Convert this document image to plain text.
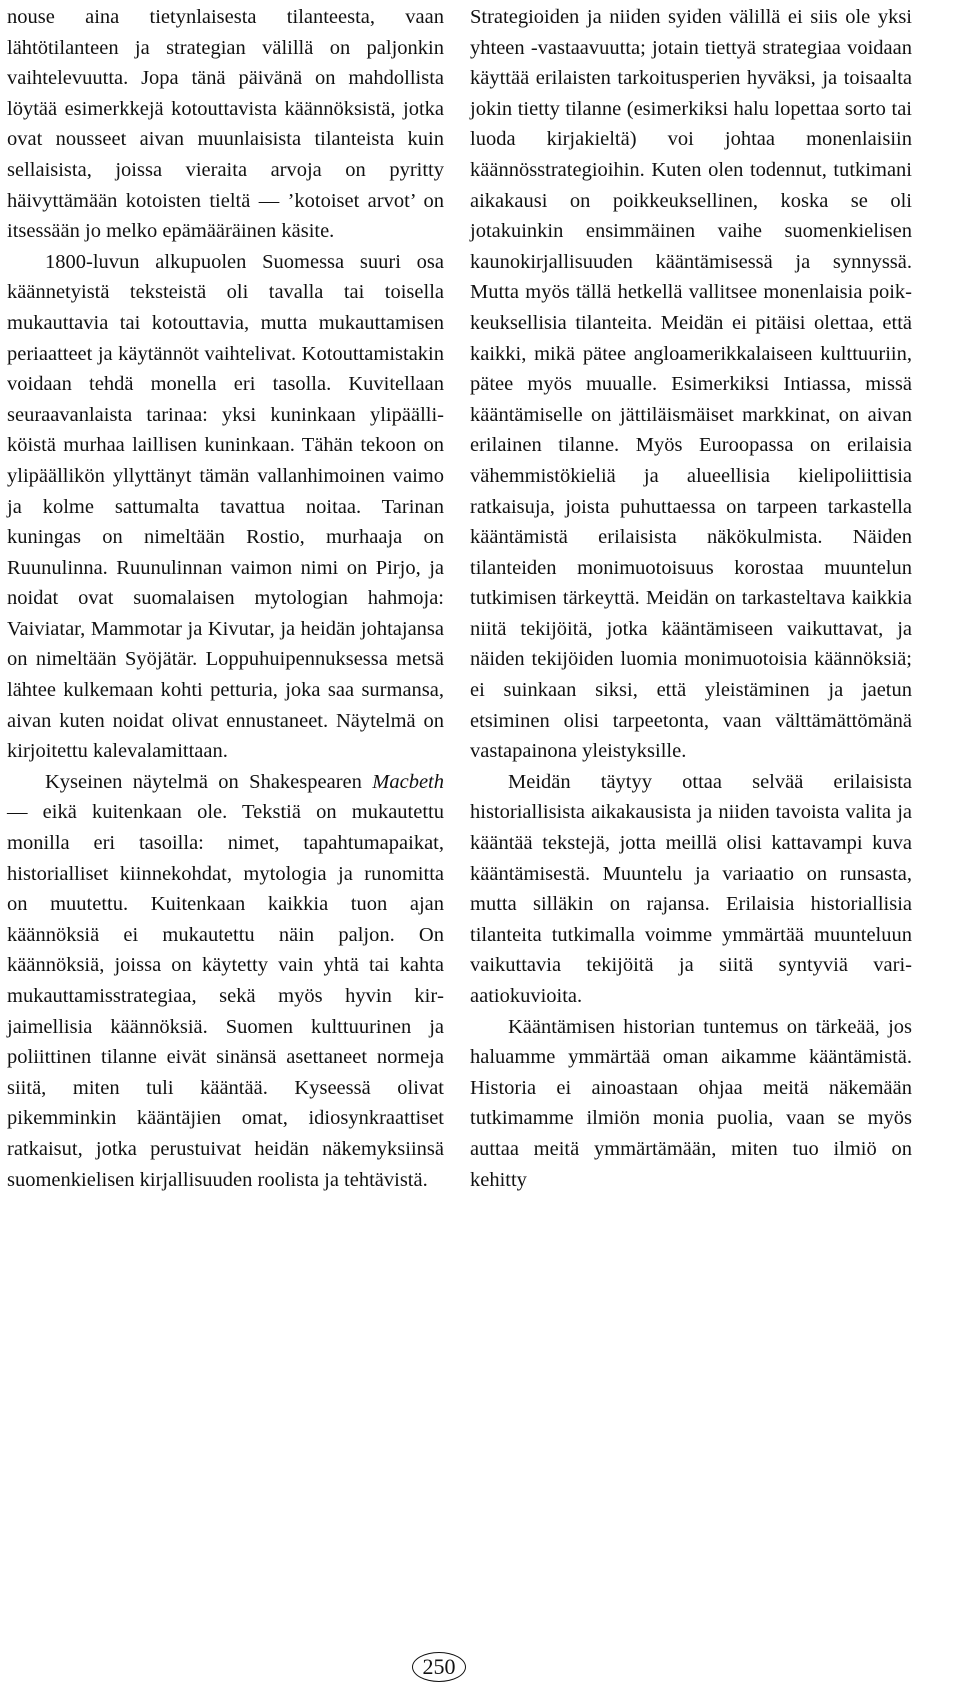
nouse aina tietynlaisesta tilanteesta, vaan lähtötilanteen ja strategian välillä on paljonkin vaihtelevuutta. Jopa tänä päivänä on mahdollista löytää esimerkkejä kotouttavista käännöksistä, jotka ovat nousseet aivan muunlaisista tilanteista kuin sellaisista, joissa vieraita arvoja on pyritty häivyttämään kotoisten tieltä — ’kotoiset arvot’ on itsessään jo melko epämääräinen käsite.

1800-luvun alkupuolen Suomessa suuri osa käännetyistä teksteistä oli tavalla tai toisella mukauttavia tai kotouttavia, mutta mukauttamisen periaatteet ja käytännöt vaihtelivat. Kotouttamistakin voidaan tehdä monella eri tasolla. Kuvitellaan seuraavanlaista tarinaa: yksi kuninkaan ylipäälliköistä murhaa laillisen kuninkaan. Tähän tekoon on ylipäällikön yllyttänyt tämän vallanhimoinen vaimo ja kolme sattumalta tavattua noitaa. Tarinan kuningas on nimeltään Rostio, murhaaja on Ruunulinna. Ruunulinnan vaimon nimi on Pirjo, ja noidat ovat suomalaisen mytologian hahmoja: Vaiviatar, Mammotar ja Kivutar, ja heidän johtajansa on nimeltään Syöjätär. Loppuhuipennuksessa metsä lähtee kulkemaan kohti petturia, joka saa surmansa, aivan kuten noidat olivat ennustaneet. Näytelmä on kirjoitettu kalevalamittaan.

Kyseinen näytelmä on Shakespearen Macbeth — eikä kuitenkaan ole. Tekstiä on mukautettu monilla eri tasoilla: nimet, tapahtumapaikat, historialliset kiinnekohdat, mytologia ja runomitta on muutettu. Kuitenkaan kaikkia tuon ajan käännöksiä ei mukautettu näin paljon. On käännöksiä, joissa on käytetty vain yhtä tai kahta mukauttamisstrategiaa, sekä myös hyvin kirjaimellisia käännöksiä. Suomen kulttuurinen ja poliittinen tilanne eivät sinänsä asettaneet normeja siitä, miten tuli kääntää. Kyseessä olivat pikemminkin kääntäjien omat, idiosynkraattiset ratkaisut, jotka perustuivat heidän näkemyksiinsä suomenkielisen kirjallisuuden roolista ja tehtävistä.

Strategioiden ja niiden syiden välillä ei siis ole yksi yhteen -vastaavuutta; jotain tiettyä strategiaa voidaan käyttää erilaisten tarkoitusperien hyväksi, ja toisaalta jokin tietty tilanne (esimerkiksi halu lopettaa sorto tai luoda kirjakieltä) voi johtaa monenlaisiin käännösstrategioihin. Kuten olen todennut, tutkimani aikakausi on poikkeuksellinen, koska se oli jotakuinkin ensimmäinen vaihe suomenkielisen kaunokirjallisuuden kääntämisessä ja synnyssä. Mutta myös tällä hetkellä vallitsee monenlaisia poikkeuksellisia tilanteita. Meidän ei pitäisi olettaa, että kaikki, mikä pätee angloamerikkalaiseen kulttuuriin, pätee myös muualle. Esimerkiksi Intiassa, missä kääntämiselle on jättiläismäiset markkinat, on aivan erilainen tilanne. Myös Euroopassa on erilaisia vähemmistökieliä ja alueellisia kielipoliittisia ratkaisuja, joista puhuttaessa on tarpeen tarkastella kääntämistä erilaisista näkökulmista. Näiden tilanteiden monimuotoisuus korostaa muuntelun tutkimisen tärkeyttä. Meidän on tarkasteltava kaikkia niitä tekijöitä, jotka kääntämiseen vaikuttavat, ja näiden tekijöiden luomia monimuotoisia käännöksiä; ei suinkaan siksi, että yleistäminen ja jaetun etsiminen olisi tarpeetonta, vaan välttämättömänä vastapainona yleistyksille.

Meidän täytyy ottaa selvää erilaisista historiallisista aikakausista ja niiden tavoista valita ja kääntää tekstejä, jotta meillä olisi kattavampi kuva kääntämisestä. Muuntelu ja variaatio on runsasta, mutta silläkin on rajansa. Erilaisia historiallisia tilanteita tutkimalla voimme ymmärtää muunteluun vaikuttavia tekijöitä ja siitä syntyviä variaatiokuvioita.

Kääntämisen historian tuntemus on tärkeää, jos haluamme ymmärtää oman aikamme kääntämistä. Historia ei ainoastaan ohjaa meitä näkemään tutkimamme ilmiön monia puolia, vaan se myös auttaa meitä ymmärtämään, miten tuo ilmiö on kehitty

250
